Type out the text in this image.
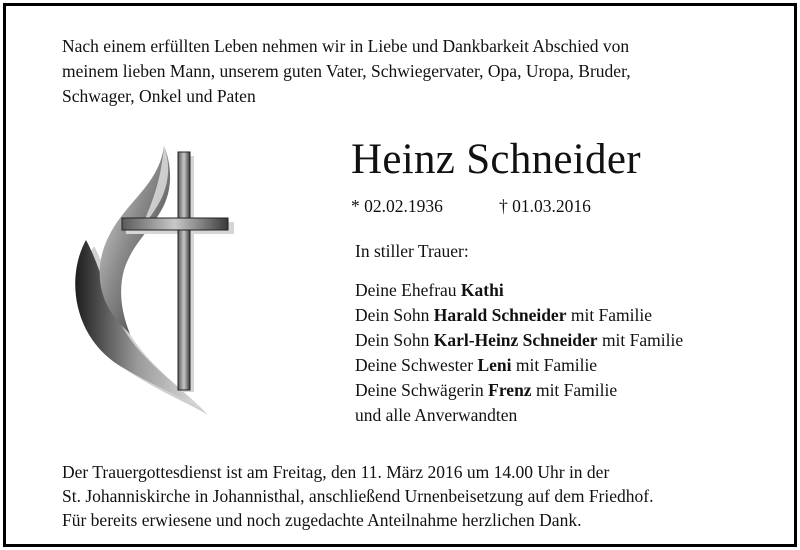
Nach einem erfüllten Leben nehmen wir in Liebe und Dankbarkeit Abschied von
meinem lieben Mann, unserem guten Vater, Schwiegervater, Opa, Uropa, Bruder,
Schwager, Onkel und Paten
Heinz Schneider
* 02.02.1936	† 01.03.2016
In stiller Trauer:
Deine Ehefrau Kathi
Dein Sohn Harald Schneider mit Familie
Dein Sohn Karl-Heinz Schneider mit Familie
Deine Schwester Leni mit Familie
Deine Schwägerin Frenz mit Familie
und alle Anverwandten
Der Trauergottesdienst ist am Freitag, den 11. März 2016 um 14.00 Uhr in der
St. Johanniskirche in Johannisthal, anschließend Urnenbeisetzung auf dem Friedhof.
Für bereits erwiesene und noch zugedachte Anteilnahme herzlichen Dank.
